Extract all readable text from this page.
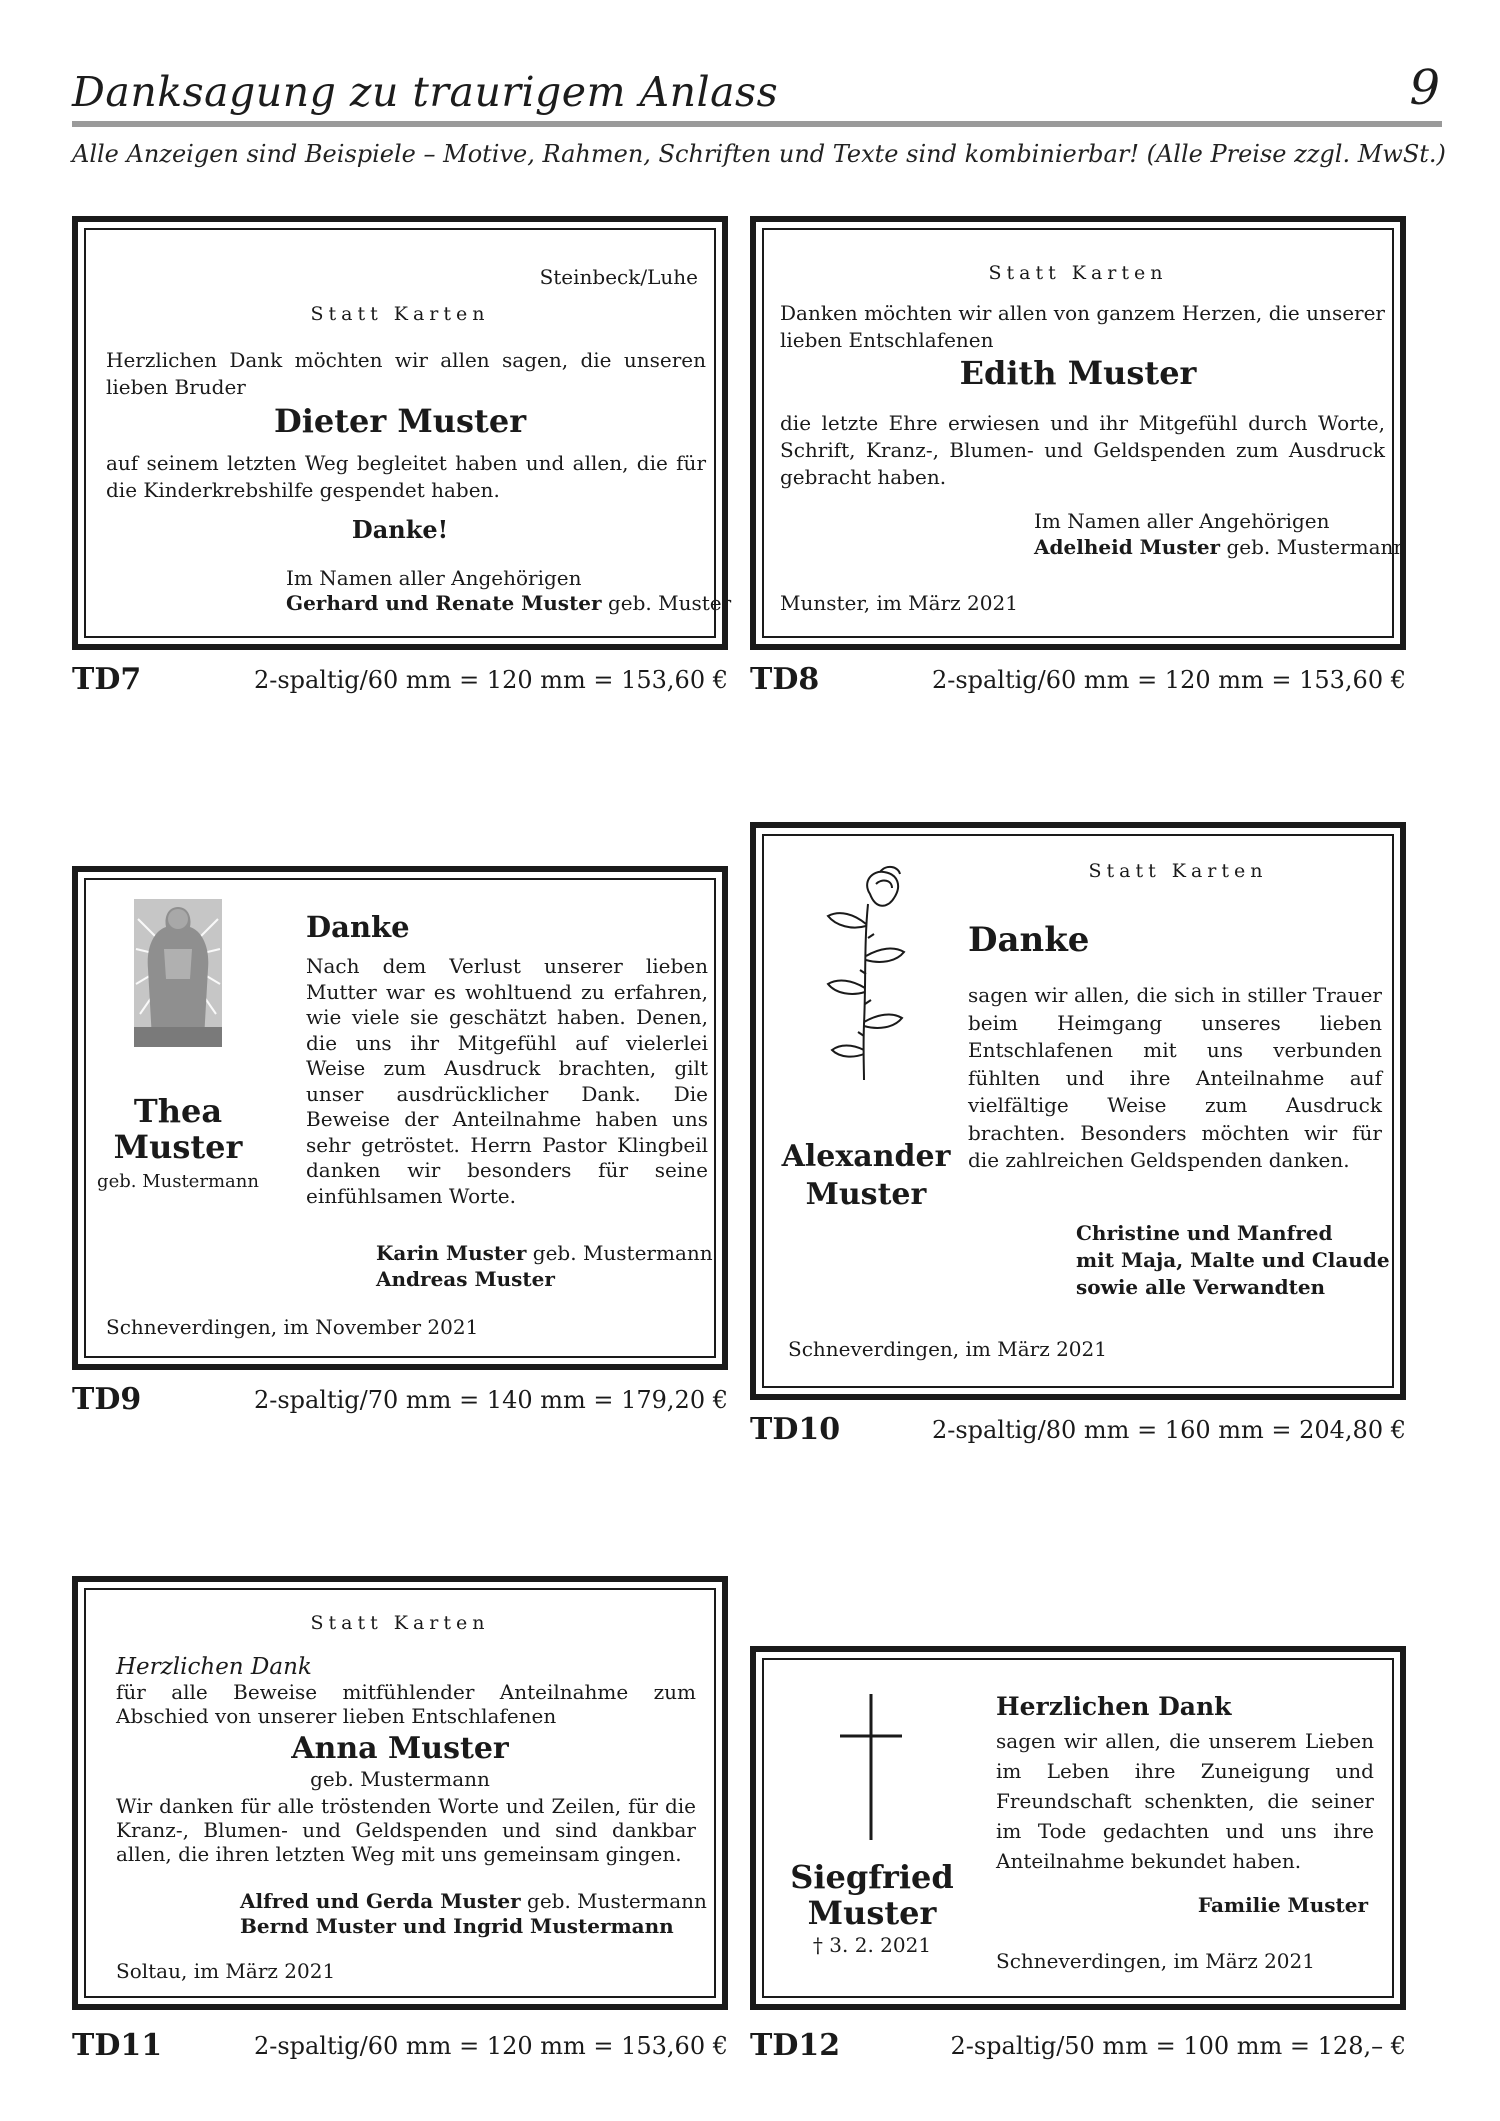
Danksagung zu traurigem Anlass	9
Alle Anzeigen sind Beispiele – Motive, Rahmen, Schriften und Texte sind kombinierbar! (Alle Preise zzgl. MwSt.)
Steinbeck/Luhe
Statt Karten
Herzlichen Dank möchten wir allen sagen, die unseren lieben Bruder
Dieter Muster
auf seinem letzten Weg begleitet haben und allen, die für die Kinderkrebshilfe gespendet haben.
Danke!
Im Namen aller Angehörigen
Gerhard und Renate Muster geb. Muster
TD7	2-spaltig/60 mm = 120 mm = 153,60 €
Statt Karten
Danken möchten wir allen von ganzem Herzen, die unserer lieben Entschlafenen
Edith Muster
die letzte Ehre erwiesen und ihr Mitgefühl durch Worte, Schrift, Kranz-, Blumen- und Geldspenden zum Ausdruck gebracht haben.
Im Namen aller Angehörigen
Adelheid Muster geb. Mustermann
Munster, im März 2021
TD8	2-spaltig/60 mm = 120 mm = 153,60 €
Thea
Muster
geb. Mustermann
Danke
Nach dem Verlust unserer lieben Mutter war es wohltuend zu erfahren, wie viele sie geschätzt haben. Denen, die uns ihr Mitgefühl auf vielerlei Weise zum Ausdruck brachten, gilt unser ausdrücklicher Dank. Die Beweise der Anteilnahme haben uns sehr getröstet. Herrn Pastor Klingbeil danken wir besonders für seine einfühlsamen Worte.
Karin Muster geb. Mustermann
Andreas Muster
Schneverdingen, im November 2021
TD9	2-spaltig/70 mm = 140 mm = 179,20 €
Statt Karten
Alexander
Muster
Danke
sagen wir allen, die sich in stiller Trauer beim Heimgang unseres lieben Entschlafenen mit uns verbunden fühlten und ihre Anteilnahme auf vielfältige Weise zum Ausdruck brachten. Besonders möchten wir für die zahlreichen Geldspenden danken.
Christine und Manfred
mit Maja, Malte und Claude
sowie alle Verwandten
Schneverdingen, im März 2021
TD10	2-spaltig/80 mm = 160 mm = 204,80 €
Statt Karten
Herzlichen Dank
für alle Beweise mitfühlender Anteilnahme zum Abschied von unserer lieben Entschlafenen
Anna Muster
geb. Mustermann
Wir danken für alle tröstenden Worte und Zeilen, für die Kranz-, Blumen- und Geldspenden und sind dankbar allen, die ihren letzten Weg mit uns gemeinsam gingen.
Alfred und Gerda Muster geb. Mustermann
Bernd Muster und Ingrid Mustermann
Soltau, im März 2021
TD11	2-spaltig/60 mm = 120 mm = 153,60 €
Siegfried
Muster
† 3. 2. 2021
Herzlichen Dank
sagen wir allen, die unserem Lieben im Leben ihre Zuneigung und Freundschaft schenkten, die seiner im Tode gedachten und uns ihre Anteilnahme bekundet haben.
Familie Muster
Schneverdingen, im März 2021
TD12	2-spaltig/50 mm = 100 mm = 128,– €
